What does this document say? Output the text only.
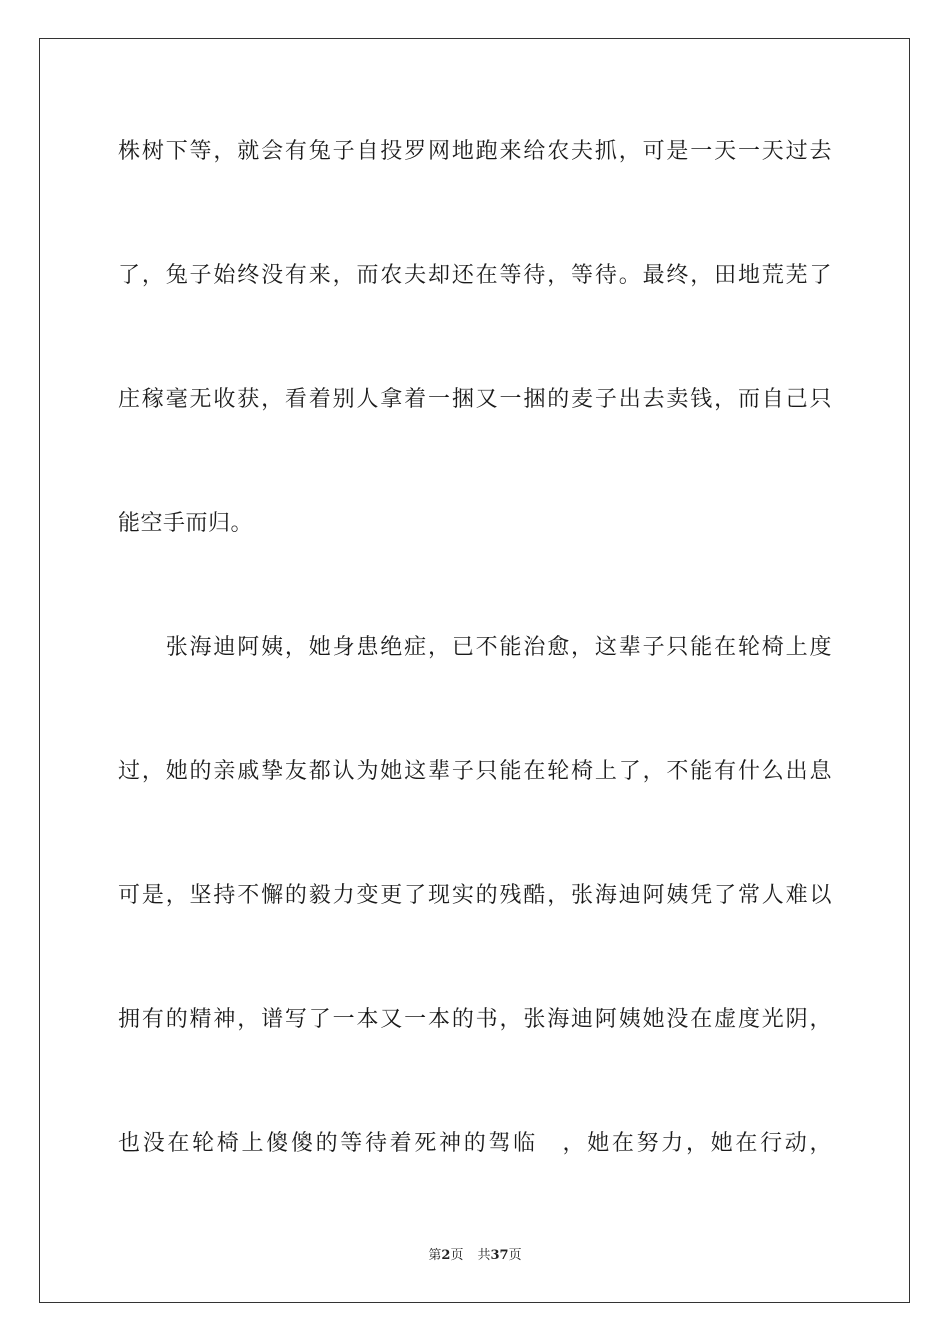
株树下等，就会有兔子自投罗网地跑来给农夫抓，可是一天一天过去
了，兔子始终没有来，而农夫却还在等待，等待。最终，田地荒芜了
庄稼毫无收获，看着别人拿着一捆又一捆的麦子出去卖钱，而自己只
能空手而归。
　　张海迪阿姨，她身患绝症，已不能治愈，这辈子只能在轮椅上度
过，她的亲戚挚友都认为她这辈子只能在轮椅上了，不能有什么出息
可是，坚持不懈的毅力变更了现实的残酷，张海迪阿姨凭了常人难以
拥有的精神，谱写了一本又一本的书，张海迪阿姨她没在虚度光阴，
也没在轮椅上傻傻的等待着死神的驾临　，她在努力，她在行动，
第2页 共37页
